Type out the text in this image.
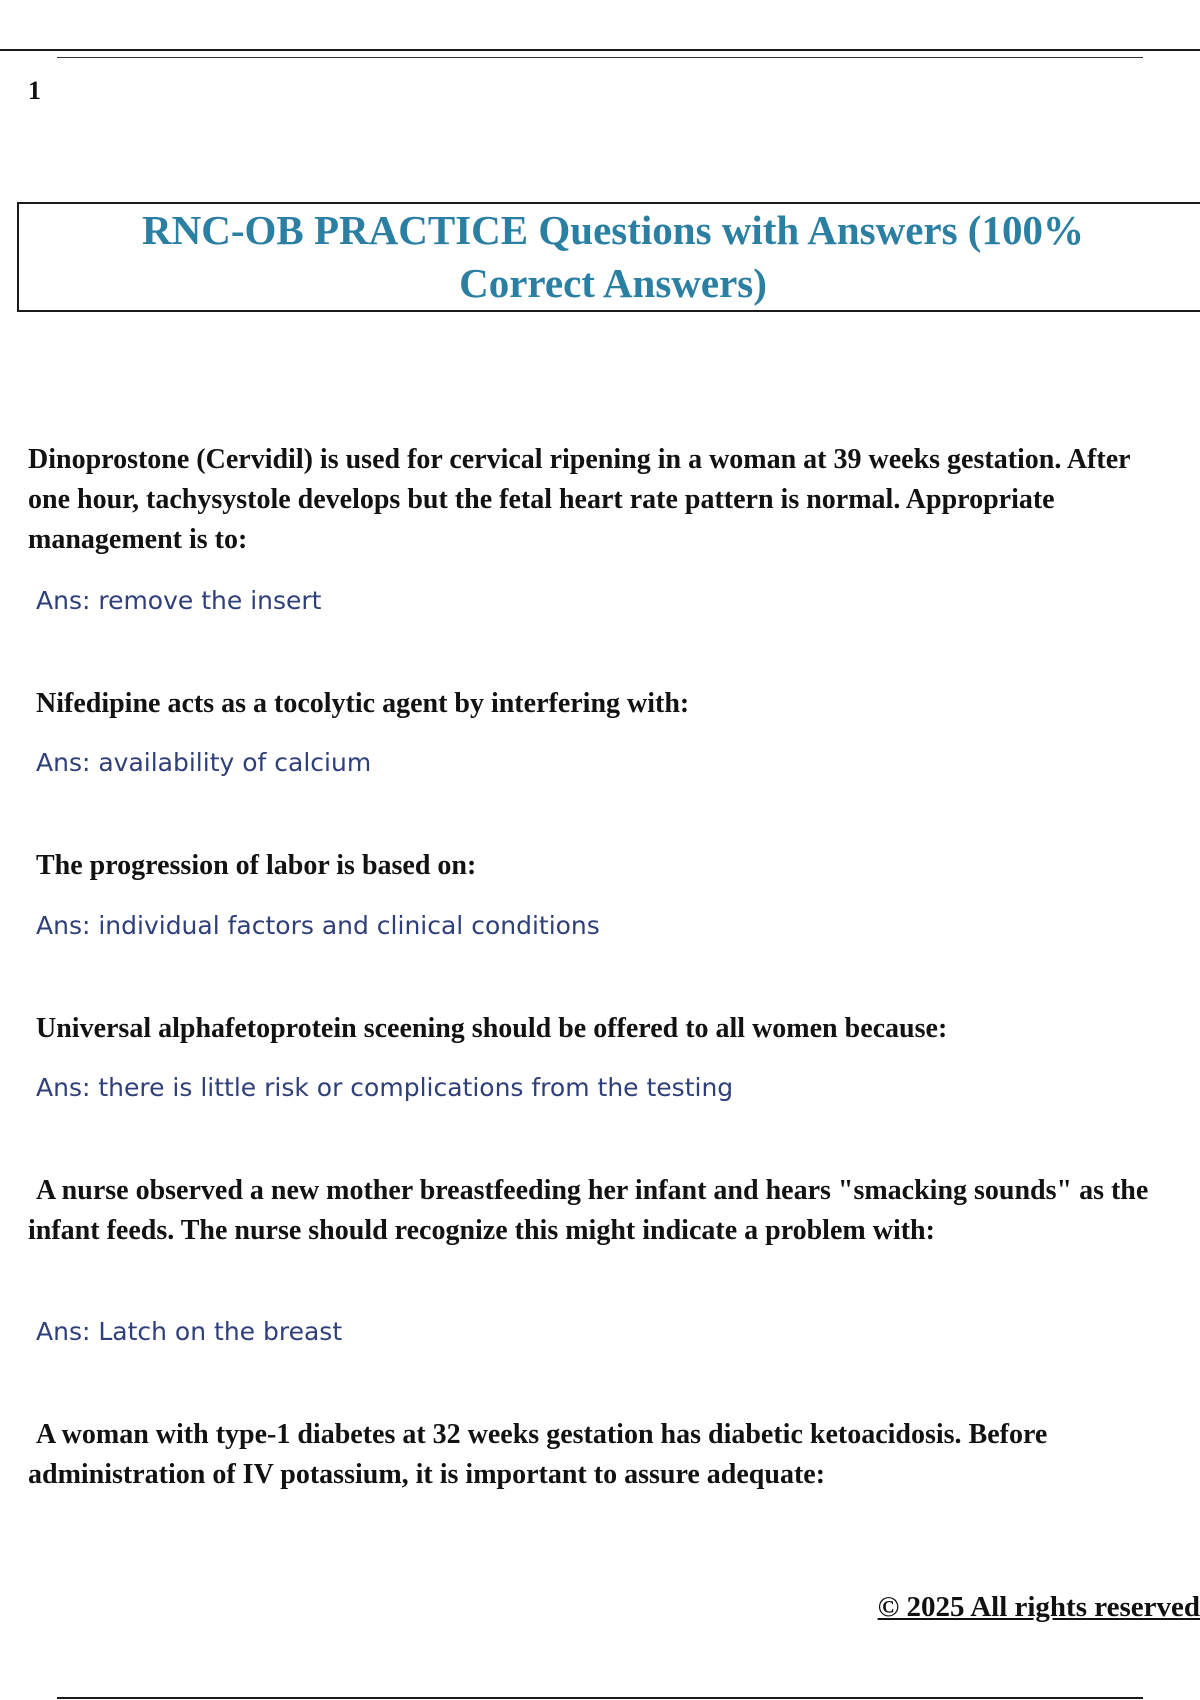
1
RNC-OB PRACTICE Questions with Answers (100% Correct Answers)
Dinoprostone (Cervidil) is used for cervical ripening in a woman at 39 weeks gestation. After one hour, tachysystole develops but the fetal heart rate pattern is normal. Appropriate management is to:
Ans: remove the insert
Nifedipine acts as a tocolytic agent by interfering with:
Ans: availability of calcium
The progression of labor is based on:
Ans: individual factors and clinical conditions
Universal alphafetoprotein sceening should be offered to all women because:
Ans: there is little risk or complications from the testing
A nurse observed a new mother breastfeeding her infant and hears "smacking sounds" as the infant feeds. The nurse should recognize this might indicate a problem with:
Ans: Latch on the breast
A woman with type-1 diabetes at 32 weeks gestation has diabetic ketoacidosis. Before administration of IV potassium, it is important to assure adequate:
© 2025 All rights reserved
